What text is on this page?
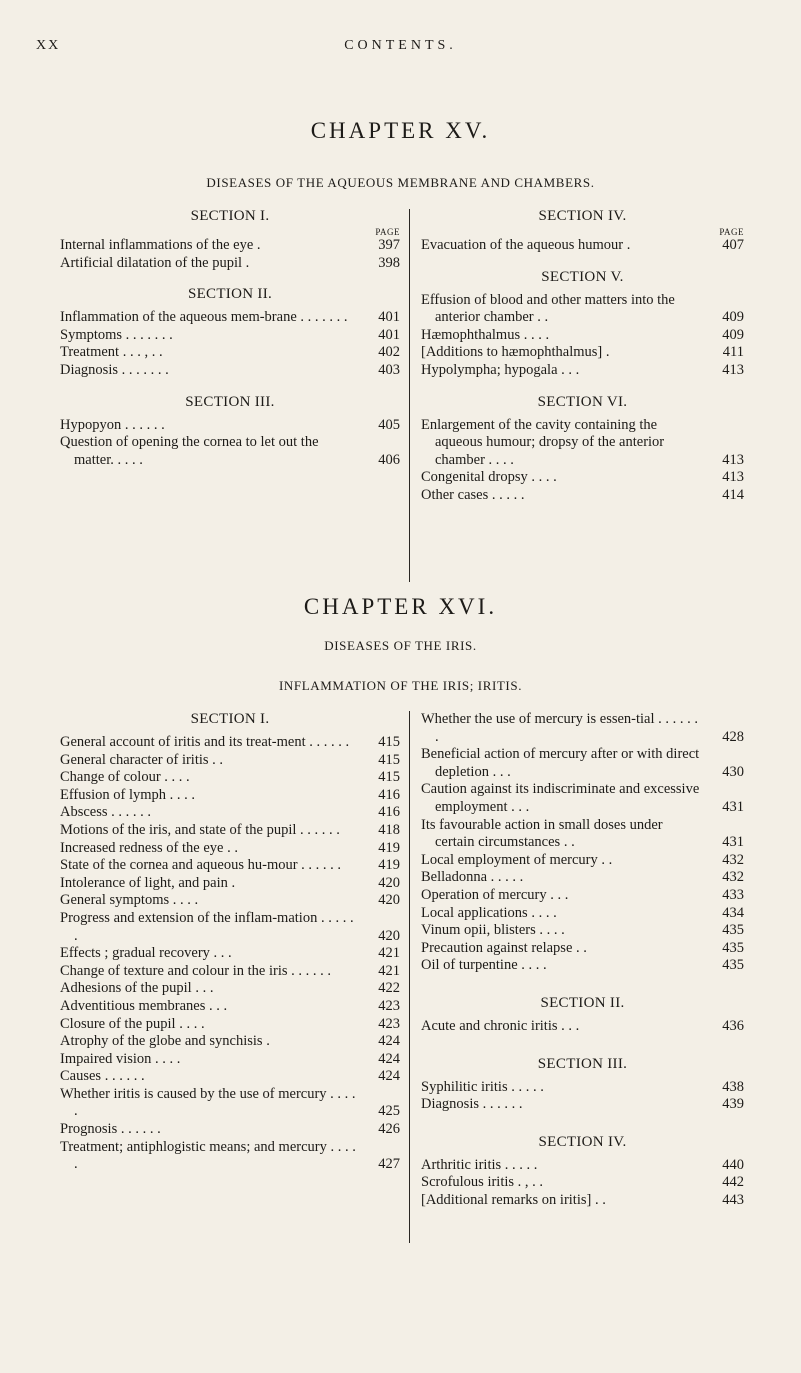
XX	CONTENTS.
CHAPTER XV.
DISEASES OF THE AQUEOUS MEMBRANE AND CHAMBERS.
SECTION I.
PAGE
Internal inflammations of the eye .	397
Artificial dilatation of the pupil .	398
SECTION II.
Inflammation of the aqueous mem-brane . . . . . . .	401
Symptoms . . . . . . .	401
Treatment . . . , . .	402
Diagnosis . . . . . . .	403
SECTION III.
Hypopyon . . . . . .	405
Question of opening the cornea to let out the matter. . . . .	406
SECTION IV.
PAGE
Evacuation of the aqueous humour .	407
SECTION V.
Effusion of blood and other matters into the anterior chamber . .	409
Hæmophthalmus . . . .	409
[Additions to hæmophthalmus] .	411
Hypolympha; hypogala . . .	413
SECTION VI.
Enlargement of the cavity containing the aqueous humour; dropsy of the anterior chamber . . . .	413
Congenital dropsy . . . .	413
Other cases . . . . .	414
CHAPTER XVI.
DISEASES OF THE IRIS.
INFLAMMATION OF THE IRIS; IRITIS.
SECTION I.
General account of iritis and its treat-ment . . . . . .	415
General character of iritis . .	415
Change of colour . . . .	415
Effusion of lymph . . . .	416
Abscess . . . . . .	416
Motions of the iris, and state of the pupil . . . . . .	418
Increased redness of the eye . .	419
State of the cornea and aqueous hu-mour . . . . . .	419
Intolerance of light, and pain .	420
General symptoms . . . .	420
Progress and extension of the inflam-mation . . . . . .	420
Effects ; gradual recovery . . .	421
Change of texture and colour in the iris . . . . . .	421
Adhesions of the pupil . . .	422
Adventitious membranes . . .	423
Closure of the pupil . . . .	423
Atrophy of the globe and synchisis .	424
Impaired vision . . . .	424
Causes . . . . . .	424
Whether iritis is caused by the use of mercury . . . . .	425
Prognosis . . . . . .	426
Treatment; antiphlogistic means; and mercury . . . . .	427
Whether the use of mercury is essen-tial . . . . . . .	428
Beneficial action of mercury after or with direct depletion . . .	430
Caution against its indiscriminate and excessive employment . . .	431
Its favourable action in small doses under certain circumstances . .	431
Local employment of mercury . .	432
Belladonna . . . . .	432
Operation of mercury . . .	433
Local applications . . . .	434
Vinum opii, blisters . . . .	435
Precaution against relapse . .	435
Oil of turpentine . . . .	435
SECTION II.
Acute and chronic iritis . . .	436
SECTION III.
Syphilitic iritis . . . . .	438
Diagnosis . . . . . .	439
SECTION IV.
Arthritic iritis . . . . .	440
Scrofulous iritis . , . .	442
[Additional remarks on iritis] . .	443
